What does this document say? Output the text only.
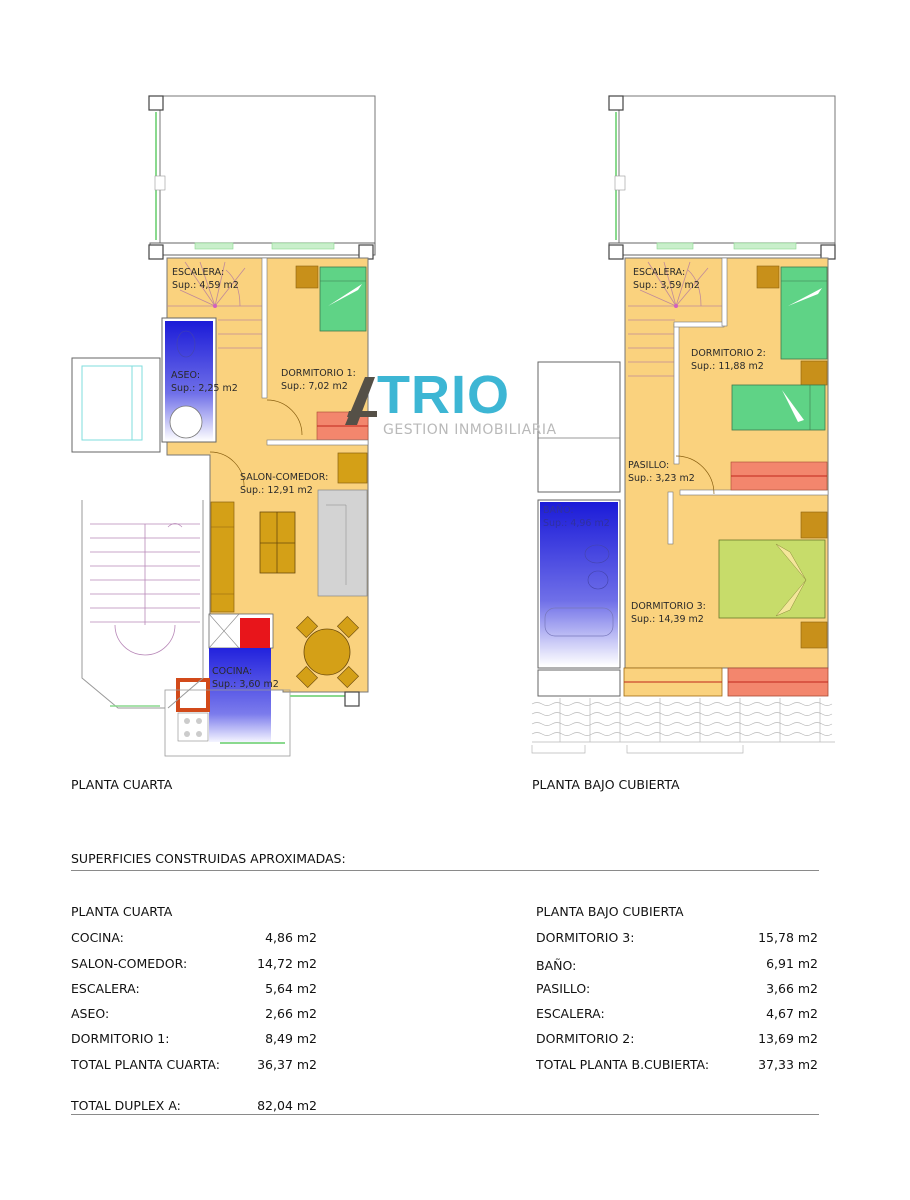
ESCALERA:
Sup.: 4,59 m2
DORMITORIO 1:
Sup.: 7,02 m2
ASEO:
Sup.: 2,25 m2
SALON-COMEDOR:
Sup.: 12,91 m2
COCINA:
Sup.: 3,60 m2
ESCALERA:
Sup.: 3,59 m2
DORMITORIO 2:
Sup.: 11,88 m2
PASILLO:
Sup.: 3,23 m2
BAÑO:
Sup.: 4,96 m2
DORMITORIO 3:
Sup.: 14,39 m2
TRIO
GESTION INMOBILIARIA
PLANTA CUARTA	PLANTA BAJO CUBIERTA
SUPERFICIES CONSTRUIDAS APROXIMADAS:
PLANTA CUARTA
COCINA:	4,86 m2
SALON-COMEDOR:	14,72 m2
ESCALERA:	5,64 m2
ASEO:	2,66 m2
DORMITORIO 1:	8,49 m2
TOTAL PLANTA CUARTA:	36,37 m2
TOTAL DUPLEX A:	82,04 m2
PLANTA BAJO CUBIERTA
DORMITORIO 3:	15,78 m2
BAÑO:	6,91 m2
PASILLO:	3,66 m2
ESCALERA:	4,67 m2
DORMITORIO 2:	13,69 m2
TOTAL PLANTA B.CUBIERTA:	37,33 m2
